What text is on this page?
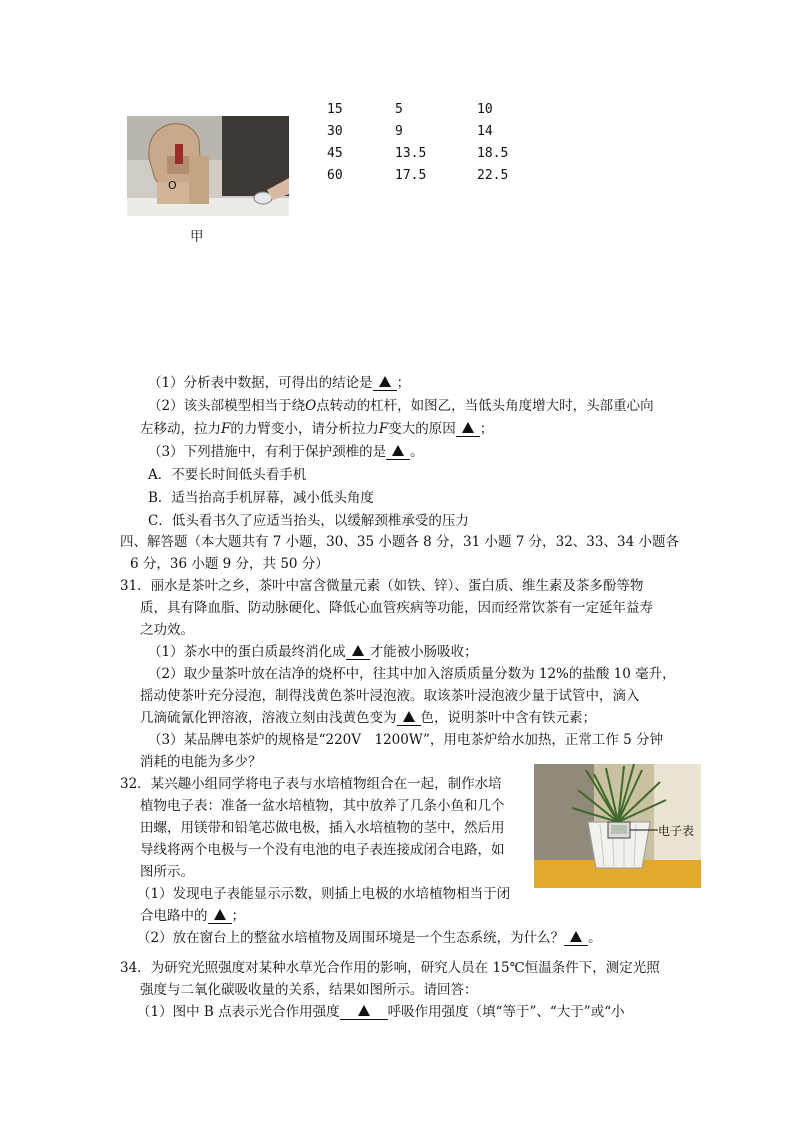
O
甲
15	5	10
30	9	14
45	13.5	18.5
60	17.5	22.5
（1）分析表中数据，可得出的结论是 ；
（2）该头部模型相当于绕O点转动的杠杆，如图乙，当低头角度增大时，头部重心向
左移动，拉力F的力臂变小，请分析拉力F变大的原因 ；
（3）下列措施中，有利于保护颈椎的是 。
A．不要长时间低头看手机
B．适当抬高手机屏幕，减小低头角度
C．低头看书久了应适当抬头，以缓解颈椎承受的压力
四、解答题（本大题共有 7 小题，30、35 小题各 8 分，31 小题 7 分，32、33、34 小题各
6 分，36 小题 9 分，共 50 分）
31．丽水是茶叶之乡，茶叶中富含微量元素（如铁、锌）、蛋白质、维生素及茶多酚等物
质，具有降血脂、防动脉硬化、降低心血管疾病等功能，因而经常饮茶有一定延年益寿
之功效。
（1）茶水中的蛋白质最终消化成 才能被小肠吸收；
（2）取少量茶叶放在洁净的烧杯中，往其中加入溶质质量分数为 12%的盐酸 10 毫升，
摇动使茶叶充分浸泡，制得浅黄色茶叶浸泡液。取该茶叶浸泡液少量于试管中，滴入
几滴硫氰化钾溶液，溶液立刻由浅黄色变为 色，说明茶叶中含有铁元素；
（3）某品牌电茶炉的规格是“220V　1200W”，用电茶炉给水加热，正常工作 5 分钟
消耗的电能为多少？
32．某兴趣小组同学将电子表与水培植物组合在一起，制作水培
植物电子表：准备一盆水培植物，其中放养了几条小鱼和几个
田螺，用镁带和铅笔芯做电极，插入水培植物的茎中，然后用
导线将两个电极与一个没有电池的电子表连接成闭合电路，如
图所示。
（1）发现电子表能显示示数，则插上电极的水培植物相当于闭
合电路中的 ；
（2）放在窗台上的整盆水培植物及周围环境是一个生态系统，为什么？ 。
电子表
34．为研究光照强度对某种水草光合作用的影响，研究人员在 15℃恒温条件下，测定光照
强度与二氧化碳吸收量的关系，结果如图所示。请回答：
（1）图中 B 点表示光合作用强度	呼吸作用强度（填“等于”、“大于”或“小
